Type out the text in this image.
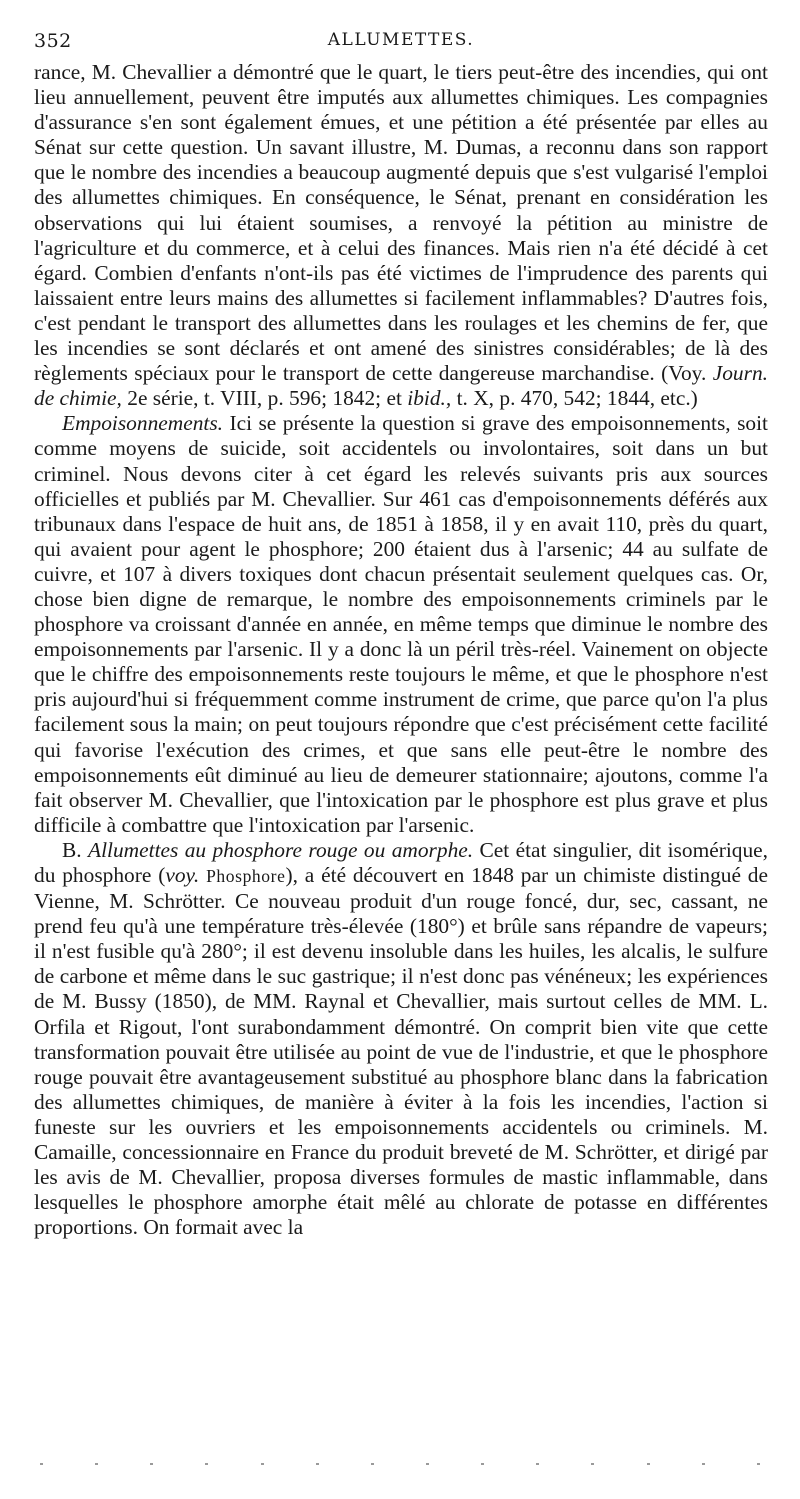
352	ALLUMETTES.

rance, M. Chevallier a démontré que le quart, le tiers peut-être des incendies, qui ont lieu annuellement, peuvent être imputés aux allumettes chimiques. Les compagnies d'assurance s'en sont également émues, et une pétition a été présentée par elles au Sénat sur cette question. Un savant illustre, M. Dumas, a reconnu dans son rapport que le nombre des incendies a beaucoup augmenté depuis que s'est vulgarisé l'emploi des allumettes chimiques. En conséquence, le Sénat, prenant en considération les observations qui lui étaient soumises, a renvoyé la pétition au ministre de l'agriculture et du commerce, et à celui des finances. Mais rien n'a été décidé à cet égard. Combien d'enfants n'ont-ils pas été victimes de l'imprudence des parents qui laissaient entre leurs mains des allumettes si facilement inflammables? D'autres fois, c'est pendant le transport des allumettes dans les roulages et les chemins de fer, que les incendies se sont déclarés et ont amené des sinistres considérables; de là des règlements spéciaux pour le transport de cette dangereuse marchandise. (Voy. Journ. de chimie, 2e série, t. VIII, p. 596; 1842; et ibid., t. X, p. 470, 542; 1844, etc.)

Empoisonnements. Ici se présente la question si grave des empoisonnements, soit comme moyens de suicide, soit accidentels ou involontaires, soit dans un but criminel. Nous devons citer à cet égard les relevés suivants pris aux sources officielles et publiés par M. Chevallier. Sur 461 cas d'empoisonnements déférés aux tribunaux dans l'espace de huit ans, de 1851 à 1858, il y en avait 110, près du quart, qui avaient pour agent le phosphore; 200 étaient dus à l'arsenic; 44 au sulfate de cuivre, et 107 à divers toxiques dont chacun présentait seulement quelques cas. Or, chose bien digne de remarque, le nombre des empoisonnements criminels par le phosphore va croissant d'année en année, en même temps que diminue le nombre des empoisonnements par l'arsenic. Il y a donc là un péril très-réel. Vainement on objecte que le chiffre des empoisonnements reste toujours le même, et que le phosphore n'est pris aujourd'hui si fréquemment comme instrument de crime, que parce qu'on l'a plus facilement sous la main; on peut toujours répondre que c'est précisément cette facilité qui favorise l'exécution des crimes, et que sans elle peut-être le nombre des empoisonnements eût diminué au lieu de demeurer stationnaire; ajoutons, comme l'a fait observer M. Chevallier, que l'intoxication par le phosphore est plus grave et plus difficile à combattre que l'intoxication par l'arsenic.

B. Allumettes au phosphore rouge ou amorphe. Cet état singulier, dit isomérique, du phosphore (voy. Phosphore), a été découvert en 1848 par un chimiste distingué de Vienne, M. Schrötter. Ce nouveau produit d'un rouge foncé, dur, sec, cassant, ne prend feu qu'à une température très-élevée (180°) et brûle sans répandre de vapeurs; il n'est fusible qu'à 280°; il est devenu insoluble dans les huiles, les alcalis, le sulfure de carbone et même dans le suc gastrique; il n'est donc pas vénéneux; les expériences de M. Bussy (1850), de MM. Raynal et Chevallier, mais surtout celles de MM. L. Orfila et Rigout, l'ont surabondamment démontré. On comprit bien vite que cette transformation pouvait être utilisée au point de vue de l'industrie, et que le phosphore rouge pouvait être avantageusement substitué au phosphore blanc dans la fabrication des allumettes chimiques, de manière à éviter à la fois les incendies, l'action si funeste sur les ouvriers et les empoisonnements accidentels ou criminels. M. Camaille, concessionnaire en France du produit breveté de M. Schrötter, et dirigé par les avis de M. Chevallier, proposa diverses formules de mastic inflammable, dans lesquelles le phosphore amorphe était mêlé au chlorate de potasse en différentes proportions. On formait avec la
